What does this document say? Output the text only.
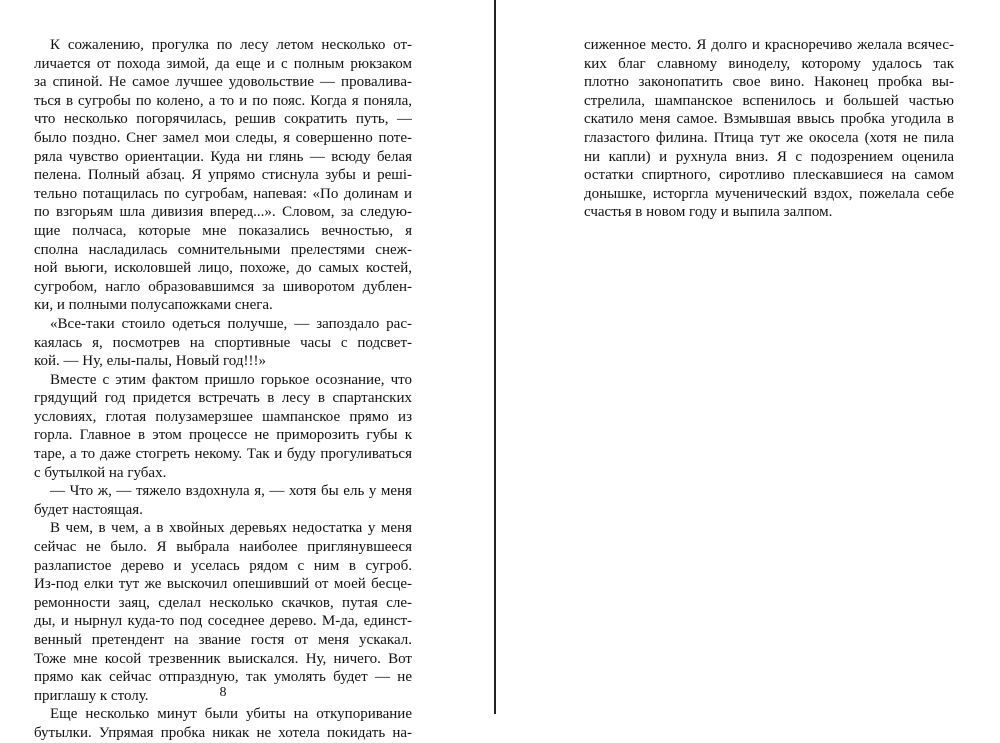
К сожалению, прогулка по лесу летом несколько от-
личается от похода зимой, да еще и с полным рюкзаком
за спиной. Не самое лучшее удовольствие — проваливa-
ться в сугробы по колено, а то и по пояс. Когда я поняла,
что несколько погорячилась, решив сократить путь, —
было поздно. Снег замел мои следы, я совершенно поте-
ряла чувство ориентации. Куда ни глянь — всюду белая
пелена. Полный абзац. Я упрямо стиснула зубы и решi-
тельно потащилась по сугробам, напевая: «По долинам и
по взгорьям шла дивизия вперед...». Словом, за следую-
щие полчаса, которые мне показались вечностью, я
сполна насладилась сомнительными прелестями снеж-
ной вьюги, исколовшей лицо, похоже, до самых костей,
сугробом, нагло образовавшимся за шиворотом дублен-
ки, и полными полусапожками снега.
«Все-таки стоило одеться получше, — запоздало рас-
каялась я, посмотрев на спортивные часы с подсвет-
кой. — Ну, елы-палы, Новый год!!!»
Вместе с этим фактом пришло горькое осознание, что
грядущий год придется встречать в лесу в спартанских
условиях, глотая полузамерзшее шампанское прямо из
горла. Главное в этом процессе не приморозить губы к
таре, а то даже стогреть некому. Так и буду прогуливаться
с бутылкой на губах.
— Что ж, — тяжело вздохнула я, — хотя бы ель у меня
будет настоящая.
В чем, в чем, а в хвойных деревьях недостатка у меня
сейчас не было. Я выбрала наиболее приглянувшееся
разлапистое дерево и уселась рядом с ним в сугроб.
Из-под елки тут же выскочил опешивший от моей бесце-
ремонности заяц, сделал несколько скачков, путая сле-
ды, и нырнул куда-то под соседнее дерево. М-да, единст-
венный претендент на звание гостя от меня ускакал.
Тоже мне косой трезвенник выискался. Ну, ничего. Вот
прямо как сейчас отпраздную, так умолять будет — не
приглашу к столу.
Еще несколько минут были убиты на откупоривание
бутылки. Упрямая пробка никак не хотела покидать на-
8
сиженное место. Я долго и красноречиво желала всячес-
ких благ славному виноделу, которому удалось так
плотно законопатить свое вино. Наконец пробка вы-
стрелила, шампанское вспенилось и большей частью
скатило меня самое. Взмывшая ввысь пробка угодила в
глазастого филина. Птица тут же окосела (хотя не пила
ни капли) и рухнула вниз. Я с подозрением оценила
остатки спиртного, сиротливо плескавшиеся на самом
донышке, исторгла мученический вздох, пожелала себе
счастья в новом году и выпила залпом.
